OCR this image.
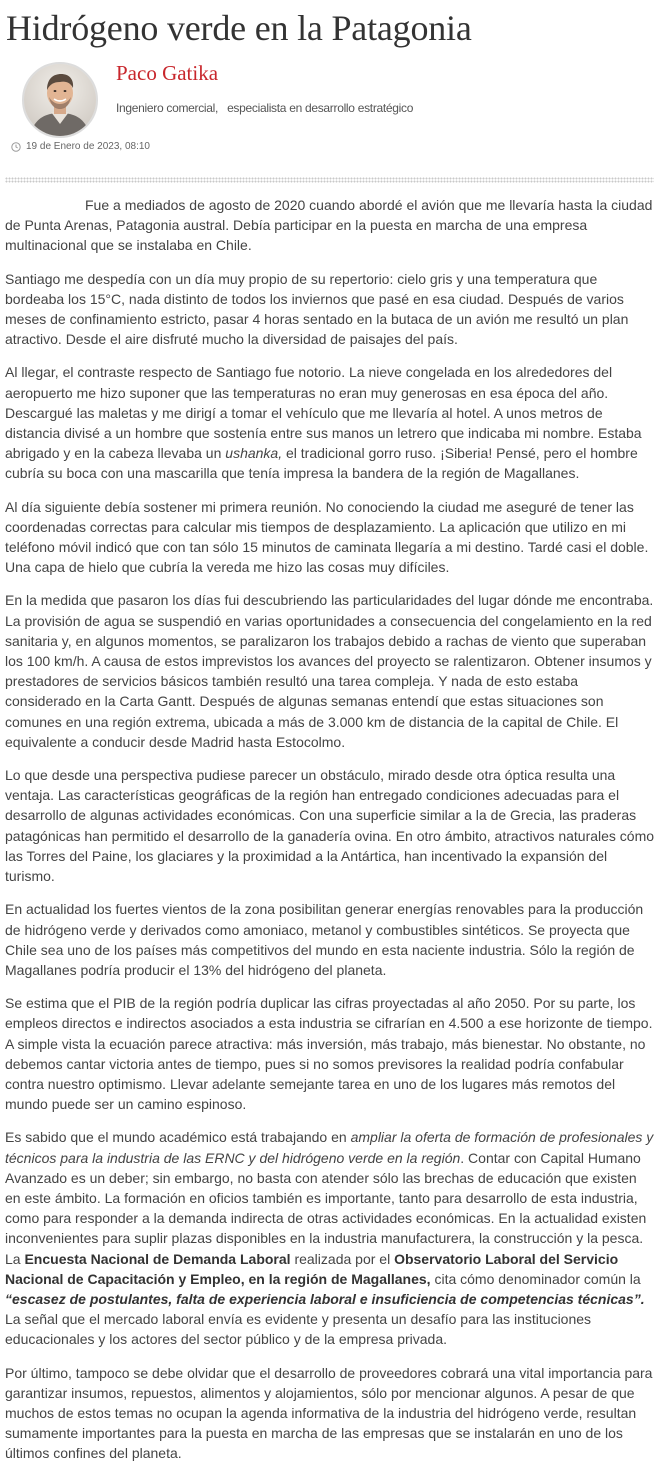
Hidrógeno verde en la Patagonia
Paco Gatika
Ingeniero comercial, especialista en desarrollo estratégico
19 de Enero de 2023, 08:10

Fue a mediados de agosto de 2020 cuando abordé el avión que me llevaría hasta la ciudad de Punta Arenas, Patagonia austral. Debía participar en la puesta en marcha de una empresa multinacional que se instalaba en Chile.

Santiago me despedía con un día muy propio de su repertorio: cielo gris y una temperatura que bordeaba los 15°C, nada distinto de todos los inviernos que pasé en esa ciudad. Después de varios meses de confinamiento estricto, pasar 4 horas sentado en la butaca de un avión me resultó un plan atractivo. Desde el aire disfruté mucho la diversidad de paisajes del país.

Al llegar, el contraste respecto de Santiago fue notorio. La nieve congelada en los alrededores del aeropuerto me hizo suponer que las temperaturas no eran muy generosas en esa época del año. Descargué las maletas y me dirigí a tomar el vehículo que me llevaría al hotel. A unos metros de distancia divisé a un hombre que sostenía entre sus manos un letrero que indicaba mi nombre. Estaba abrigado y en la cabeza llevaba un ushanka, el tradicional gorro ruso. ¡Siberia! Pensé, pero el hombre cubría su boca con una mascarilla que tenía impresa la bandera de la región de Magallanes.

Al día siguiente debía sostener mi primera reunión. No conociendo la ciudad me aseguré de tener las coordenadas correctas para calcular mis tiempos de desplazamiento. La aplicación que utilizo en mi teléfono móvil indicó que con tan sólo 15 minutos de caminata llegaría a mi destino. Tardé casi el doble. Una capa de hielo que cubría la vereda me hizo las cosas muy difíciles.

En la medida que pasaron los días fui descubriendo las particularidades del lugar dónde me encontraba. La provisión de agua se suspendió en varias oportunidades a consecuencia del congelamiento en la red sanitaria y, en algunos momentos, se paralizaron los trabajos debido a rachas de viento que superaban los 100 km/h. A causa de estos imprevistos los avances del proyecto se ralentizaron. Obtener insumos y prestadores de servicios básicos también resultó una tarea compleja. Y nada de esto estaba considerado en la Carta Gantt. Después de algunas semanas entendí que estas situaciones son comunes en una región extrema, ubicada a más de 3.000 km de distancia de la capital de Chile. El equivalente a conducir desde Madrid hasta Estocolmo.

Lo que desde una perspectiva pudiese parecer un obstáculo, mirado desde otra óptica resulta una ventaja. Las características geográficas de la región han entregado condiciones adecuadas para el desarrollo de algunas actividades económicas. Con una superficie similar a la de Grecia, las praderas patagónicas han permitido el desarrollo de la ganadería ovina. En otro ámbito, atractivos naturales cómo las Torres del Paine, los glaciares y la proximidad a la Antártica, han incentivado la expansión del turismo.

En actualidad los fuertes vientos de la zona posibilitan generar energías renovables para la producción de hidrógeno verde y derivados como amoniaco, metanol y combustibles sintéticos. Se proyecta que Chile sea uno de los países más competitivos del mundo en esta naciente industria. Sólo la región de Magallanes podría producir el 13% del hidrógeno del planeta.

Se estima que el PIB de la región podría duplicar las cifras proyectadas al año 2050. Por su parte, los empleos directos e indirectos asociados a esta industria se cifrarían en 4.500 a ese horizonte de tiempo. A simple vista la ecuación parece atractiva: más inversión, más trabajo, más bienestar. No obstante, no debemos cantar victoria antes de tiempo, pues si no somos previsores la realidad podría confabular contra nuestro optimismo. Llevar adelante semejante tarea en uno de los lugares más remotos del mundo puede ser un camino espinoso.

Es sabido que el mundo académico está trabajando en ampliar la oferta de formación de profesionales y técnicos para la industria de las ERNC y del hidrógeno verde en la región. Contar con Capital Humano Avanzado es un deber; sin embargo, no basta con atender sólo las brechas de educación que existen en este ámbito. La formación en oficios también es importante, tanto para desarrollo de esta industria, como para responder a la demanda indirecta de otras actividades económicas. En la actualidad existen inconvenientes para suplir plazas disponibles en la industria manufacturera, la construcción y la pesca. La Encuesta Nacional de Demanda Laboral realizada por el Observatorio Laboral del Servicio Nacional de Capacitación y Empleo, en la región de Magallanes, cita cómo denominador común la “escasez de postulantes, falta de experiencia laboral e insuficiencia de competencias técnicas”. La señal que el mercado laboral envía es evidente y presenta un desafío para las instituciones educacionales y los actores del sector público y de la empresa privada.

Por último, tampoco se debe olvidar que el desarrollo de proveedores cobrará una vital importancia para garantizar insumos, repuestos, alimentos y alojamientos, sólo por mencionar algunos. A pesar de que muchos de estos temas no ocupan la agenda informativa de la industria del hidrógeno verde, resultan sumamente importantes para la puesta en marcha de las empresas que se instalarán en uno de los últimos confines del planeta.
